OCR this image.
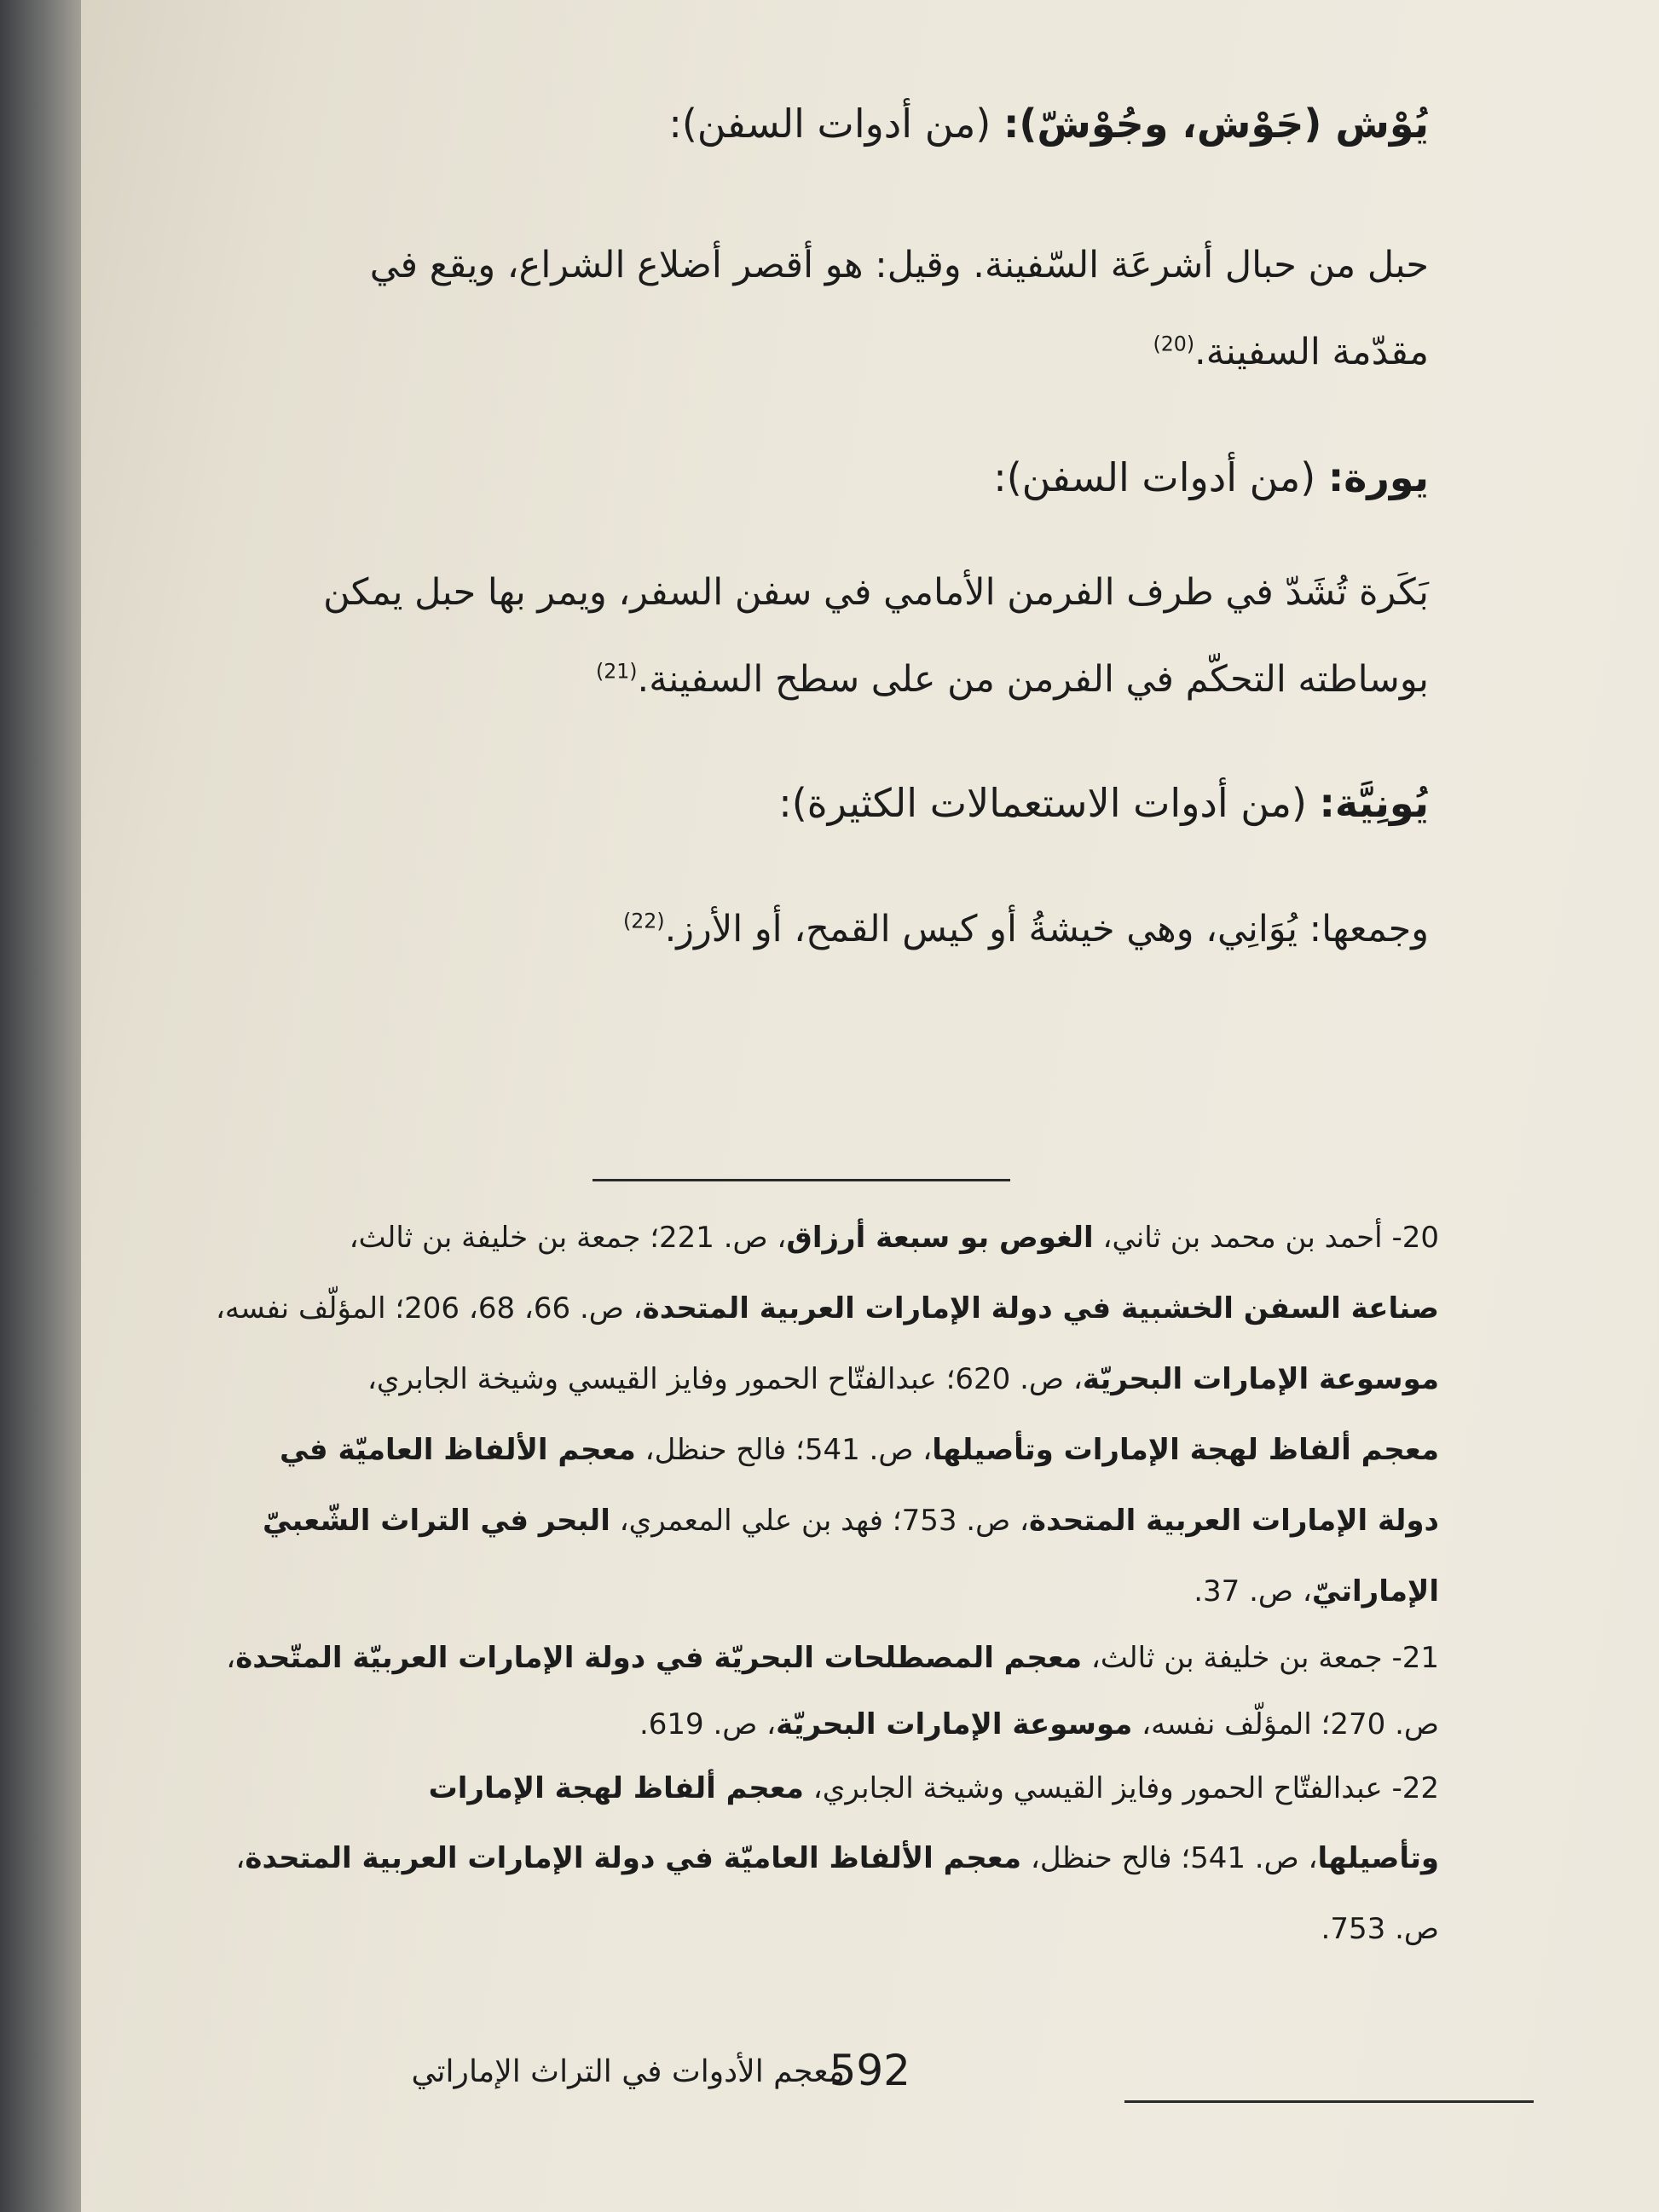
يُوْش (جَوْش، وجُوْشّ): (من أدوات السفن):
حبل من حبال أشرعَة السّفينة. وقيل: هو أقصر أضلاع الشراع، ويقع في
مقدّمة السفينة.$^{(20)}$
يورة: (من أدوات السفن):
بَكَرة تُشَدّ في طرف الفرمن الأمامي في سفن السفر، ويمر بها حبل يمكن
بوساطته التحكّم في الفرمن من على سطح السفينة.$^{(21)}$
يُونِيَّة: (من أدوات الاستعمالات الكثيرة):
وجمعها: يُوَانِي، وهي خيشةُ أو كيس القمح، أو الأرز.$^{(22)}$
20- أحمد بن محمد بن ثاني، الغوص بو سبعة أرزاق، ص. 221؛ جمعة بن خليفة بن ثالث،
صناعة السفن الخشبية في دولة الإمارات العربية المتحدة، ص. 66، 68، 206؛ المؤلّف نفسه،
موسوعة الإمارات البحريّة، ص. 620؛ عبدالفتّاح الحمور وفايز القيسي وشيخة الجابري،
معجم ألفاظ لهجة الإمارات وتأصيلها، ص. 541؛ فالح حنظل، معجم الألفاظ العاميّة في
دولة الإمارات العربية المتحدة، ص. 753؛ فهد بن علي المعمري، البحر في التراث الشّعبيّ
الإماراتيّ، ص. 37.
21- جمعة بن خليفة بن ثالث، معجم المصطلحات البحريّة في دولة الإمارات العربيّة المتّحدة،
ص. 270؛ المؤلّف نفسه، موسوعة الإمارات البحريّة، ص. 619.
22- عبدالفتّاح الحمور وفايز القيسي وشيخة الجابري، معجم ألفاظ لهجة الإمارات
وتأصيلها، ص. 541؛ فالح حنظل، معجم الألفاظ العاميّة في دولة الإمارات العربية المتحدة،
ص. 753.
592
معجم الأدوات في التراث الإماراتي
